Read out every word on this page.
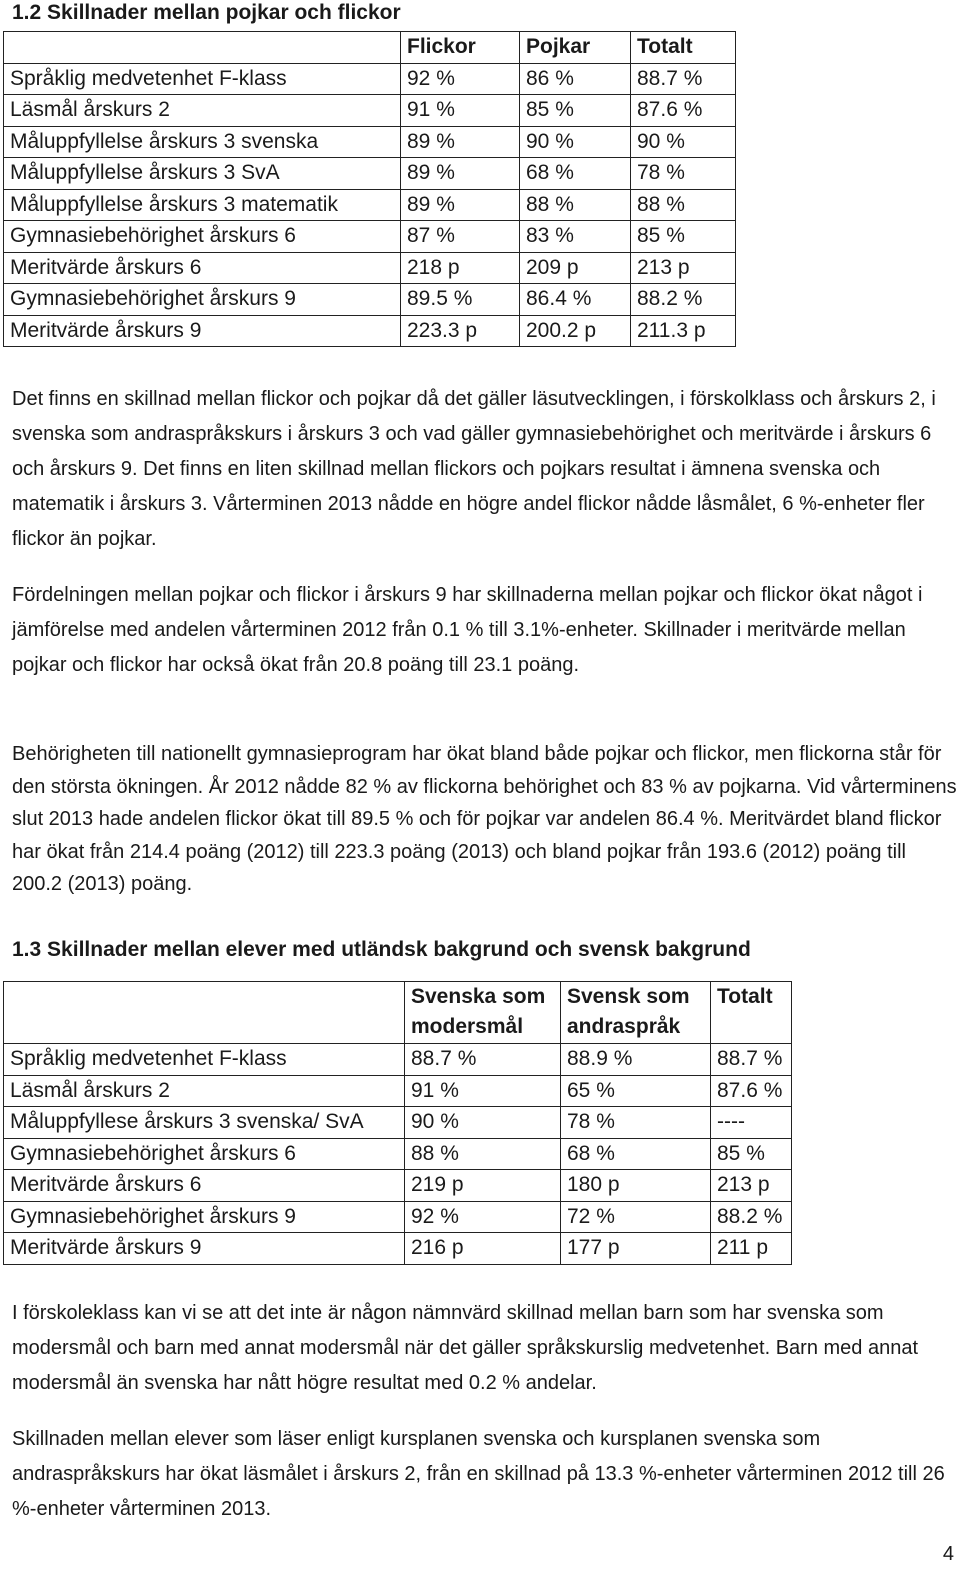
1.2 Skillnader mellan pojkar och flickor
	Flickor	Pojkar	Totalt
Språklig medvetenhet F-klass	92 %	86 %	88.7 %
Läsmål årskurs 2	91 %	85 %	87.6 %
Måluppfyllelse årskurs 3 svenska	89 %	90 %	90 %
Måluppfyllelse årskurs 3 SvA	89 %	68 %	78 %
Måluppfyllelse årskurs 3 matematik	89 %	88 %	88 %
Gymnasiebehörighet årskurs 6	87 %	83 %	85 %
Meritvärde årskurs 6	218 p	209 p	213 p
Gymnasiebehörighet årskurs 9	89.5 %	86.4 %	88.2 %
Meritvärde årskurs 9	223.3 p	200.2 p	211.3 p

Det finns en skillnad mellan flickor och pojkar då det gäller läsutvecklingen, i förskolklass och årskurs 2, i svenska som andraspråkskurs i årskurs 3 och vad gäller gymnasiebehörighet och meritvärde i årskurs 6 och årskurs 9. Det finns en liten skillnad mellan flickors och pojkars resultat i ämnena svenska och matematik i årskurs 3. Vårterminen 2013 nådde en högre andel flickor nådde låsmålet, 6 %-enheter fler flickor än pojkar.

Fördelningen mellan pojkar och flickor i årskurs 9 har skillnaderna mellan pojkar och flickor ökat något i jämförelse med andelen vårterminen 2012 från 0.1 % till 3.1%-enheter. Skillnader i meritvärde mellan pojkar och flickor har också ökat från 20.8 poäng till 23.1 poäng.

Behörigheten till nationellt gymnasieprogram har ökat bland både pojkar och flickor, men flickorna står för den största ökningen. År 2012 nådde 82 % av flickorna behörighet och 83 % av pojkarna. Vid vårterminens slut 2013 hade andelen flickor ökat till 89.5 % och för pojkar var andelen 86.4 %. Meritvärdet bland flickor har ökat från 214.4 poäng (2012) till 223.3 poäng (2013) och bland pojkar från 193.6 (2012) poäng till 200.2 (2013) poäng.

1.3 Skillnader mellan elever med utländsk bakgrund och svensk bakgrund
	Svenska som modersmål	Svensk som andraspråk	Totalt
Språklig medvetenhet F-klass	88.7 %	88.9 %	88.7 %
Läsmål årskurs 2	91 %	65 %	87.6 %
Måluppfyllese årskurs 3 svenska/ SvA	90 %	78 %	----
Gymnasiebehörighet årskurs 6	88 %	68 %	85 %
Meritvärde årskurs 6	219 p	180 p	213 p
Gymnasiebehörighet årskurs 9	92 %	72 %	88.2 %
Meritvärde årskurs 9	216 p	177 p	211 p

I förskoleklass kan vi se att det inte är någon nämnvärd skillnad mellan barn som har svenska som modersmål och barn med annat modersmål när det gäller språkskurslig medvetenhet. Barn med annat modersmål än svenska har nått högre resultat med 0.2 % andelar.

Skillnaden mellan elever som läser enligt kursplanen svenska och kursplanen svenska som andraspråkskurs har ökat läsmålet i årskurs 2, från en skillnad på 13.3 %-enheter vårterminen 2012 till 26 %-enheter vårterminen 2013.

4
